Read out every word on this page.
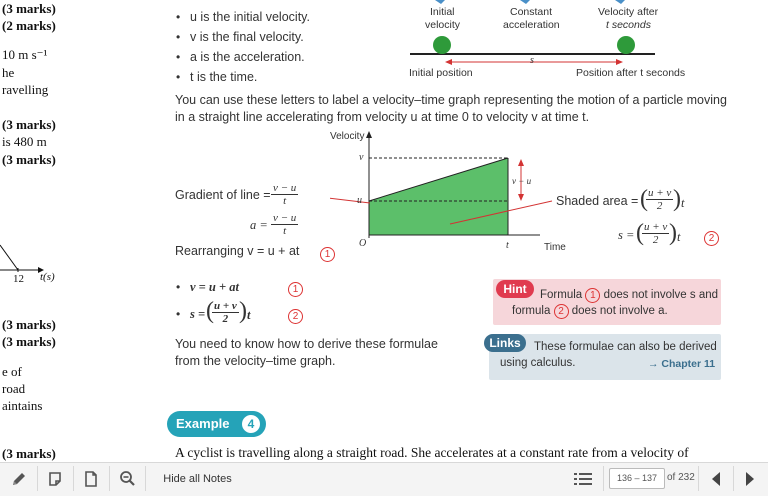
(3 marks)
(2 marks)
10 m s⁻¹
he
ravelling
(3 marks)
is 480 m
(3 marks)
12 t(s)
(3 marks)
(3 marks)
e of
road
aintains
(3 marks)
• u is the initial velocity.
• v is the final velocity.
• a is the acceleration.
• t is the time.
Initial
velocity
Constant
acceleration
Velocity after
t seconds
s
Initial position	Position after t seconds
You can use these letters to label a velocity–time graph representing the motion of a particle moving
in a straight line accelerating from velocity u at time 0 to velocity v at time t.
Velocity
Time
v
u
O	t
v − u
Shaded area = (
$\frac{u + v}{2}$ ) t
s = (
$\frac{u + v}{2}$ ) t	2
Gradient of line = $\frac{v - u}{t}$
$a = \frac{v - u}{t}$
Rearranging v = u + at	1
• v = u + at	1
• s = (
$\frac{u + v}{2}$ ) t	2
You need to know how to derive these formulae
from the velocity–time graph.
Hint	Formula 1 does not involve s and
formula 2 does not involve a.
Links	These formulae can also be derived
using calculus.	→ Chapter 11
Example	4
A cyclist is travelling along a straight road. She accelerates at a constant rate from a velocity of
Hide all Notes	136 – 137 of 232
